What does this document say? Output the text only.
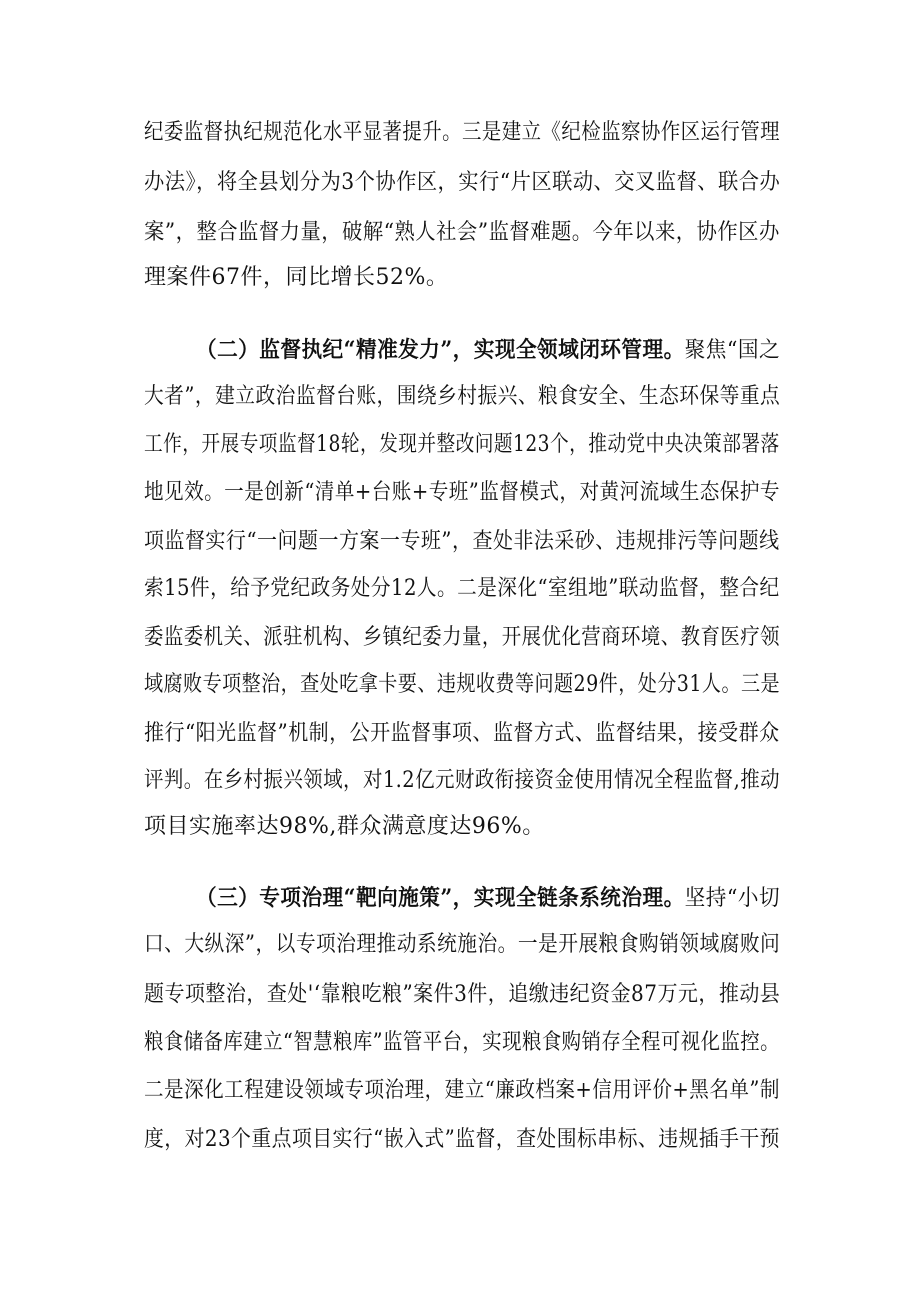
纪委监督执纪规范化水平显著提升。三是建立《纪检监察协作区运行管理

办法》，将全县划分为3个协作区，实行“片区联动、交叉监督、联合办

案”，整合监督力量，破解“熟人社会”监督难题。今年以来，协作区办

理案件67件，同比增长52%。

（二）监督执纪“精准发力”，实现全领域闭环管理。聚焦“国之

大者”，建立政治监督台账，围绕乡村振兴、粮食安全、生态环保等重点

工作，开展专项监督18轮，发现并整改问题123个，推动党中央决策部署落

地见效。一是创新“清单+台账+专班”监督模式，对黄河流域生态保护专

项监督实行“一问题一方案一专班”，查处非法采砂、违规排污等问题线

索15件，给予党纪政务处分12人。二是深化“室组地”联动监督，整合纪

委监委机关、派驻机构、乡镇纪委力量，开展优化营商环境、教育医疗领

域腐败专项整治，查处吃拿卡要、违规收费等问题29件，处分31人。三是

推行“阳光监督”机制，公开监督事项、监督方式、监督结果，接受群众

评判。在乡村振兴领域，对1.2亿元财政衔接资金使用情况全程监督,推动

项目实施率达98%,群众满意度达96%。

（三）专项治理“靶向施策”，实现全链条系统治理。坚持“小切

口、大纵深”，以专项治理推动系统施治。一是开展粮食购销领域腐败问

题专项整治，查处'‘靠粮吃粮”案件3件，追缴违纪资金87万元，推动县

粮食储备库建立“智慧粮库”监管平台，实现粮食购销存全程可视化监控。

二是深化工程建设领域专项治理，建立“廉政档案+信用评价+黑名单”制

度，对23个重点项目实行“嵌入式”监督，查处围标串标、违规插手干预
